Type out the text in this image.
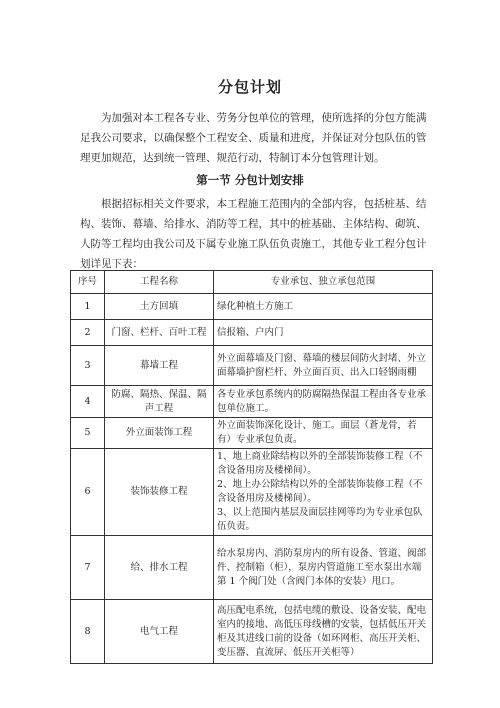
分包计划
为加强对本工程各专业、劳务分包单位的管理，使所选择的分包方能满足我公司要求，以确保整个工程安全、质量和进度，并保证对分包队伍的管理更加规范，达到统一管理、规范行动，特制订本分包管理计划。
第一节 分包计划安排
根据招标相关文件要求，本工程施工范围内的全部内容，包括桩基、结构、装饰、幕墙、给排水、消防等工程，其中的桩基础、主体结构、砌筑、人防等工程均由我公司及下属专业施工队伍负责施工，其他专业工程分包计划详见下表：
序号	工程名称	专业承包、独立承包范围
1	土方回填	绿化种植土方施工
2	门窗、栏杆、百叶工程	信报箱、户内门
3	幕墙工程	外立面幕墙及门窗、幕墙的楼层间防火封堵、外立面幕墙护窗栏杆、外立面百页、出入口轻钢雨棚
4	防腐、隔热、保温、隔声工程	各专业承包系统内的防腐隔热保温工程由各专业承包单位施工。
5	外立面装饰工程	外立面装饰深化设计、施工。面层（蒼龙骨，若有）专业承包负责。
6	装饰装修工程	1、地上商业除结构以外的全部装饰装修工程（不含设备用房及楼梯间）。
2、地上办公除结构以外的全部装饰装修工程（不含设备用房及楼梯间）。
3、以上范围内基层及面层挂网等均为专业承包队伍负责。
7	给、排水工程	给水泵房内、消防泵房内的所有设备、管道、阀部件、控制箱（柜），泵房内管道施工至水泵出水端第 1 个阀门处（含阀门本体的安装）甩口。
8	电气工程	高压配电系统，包括电缆的敷设、设备安装、配电室内的接地、高低压母线槽的安装，包括低压开关柜及其进线口前的设备（如环网柜、高压开关柜、变压器、直流屏、低压开关柜等）
